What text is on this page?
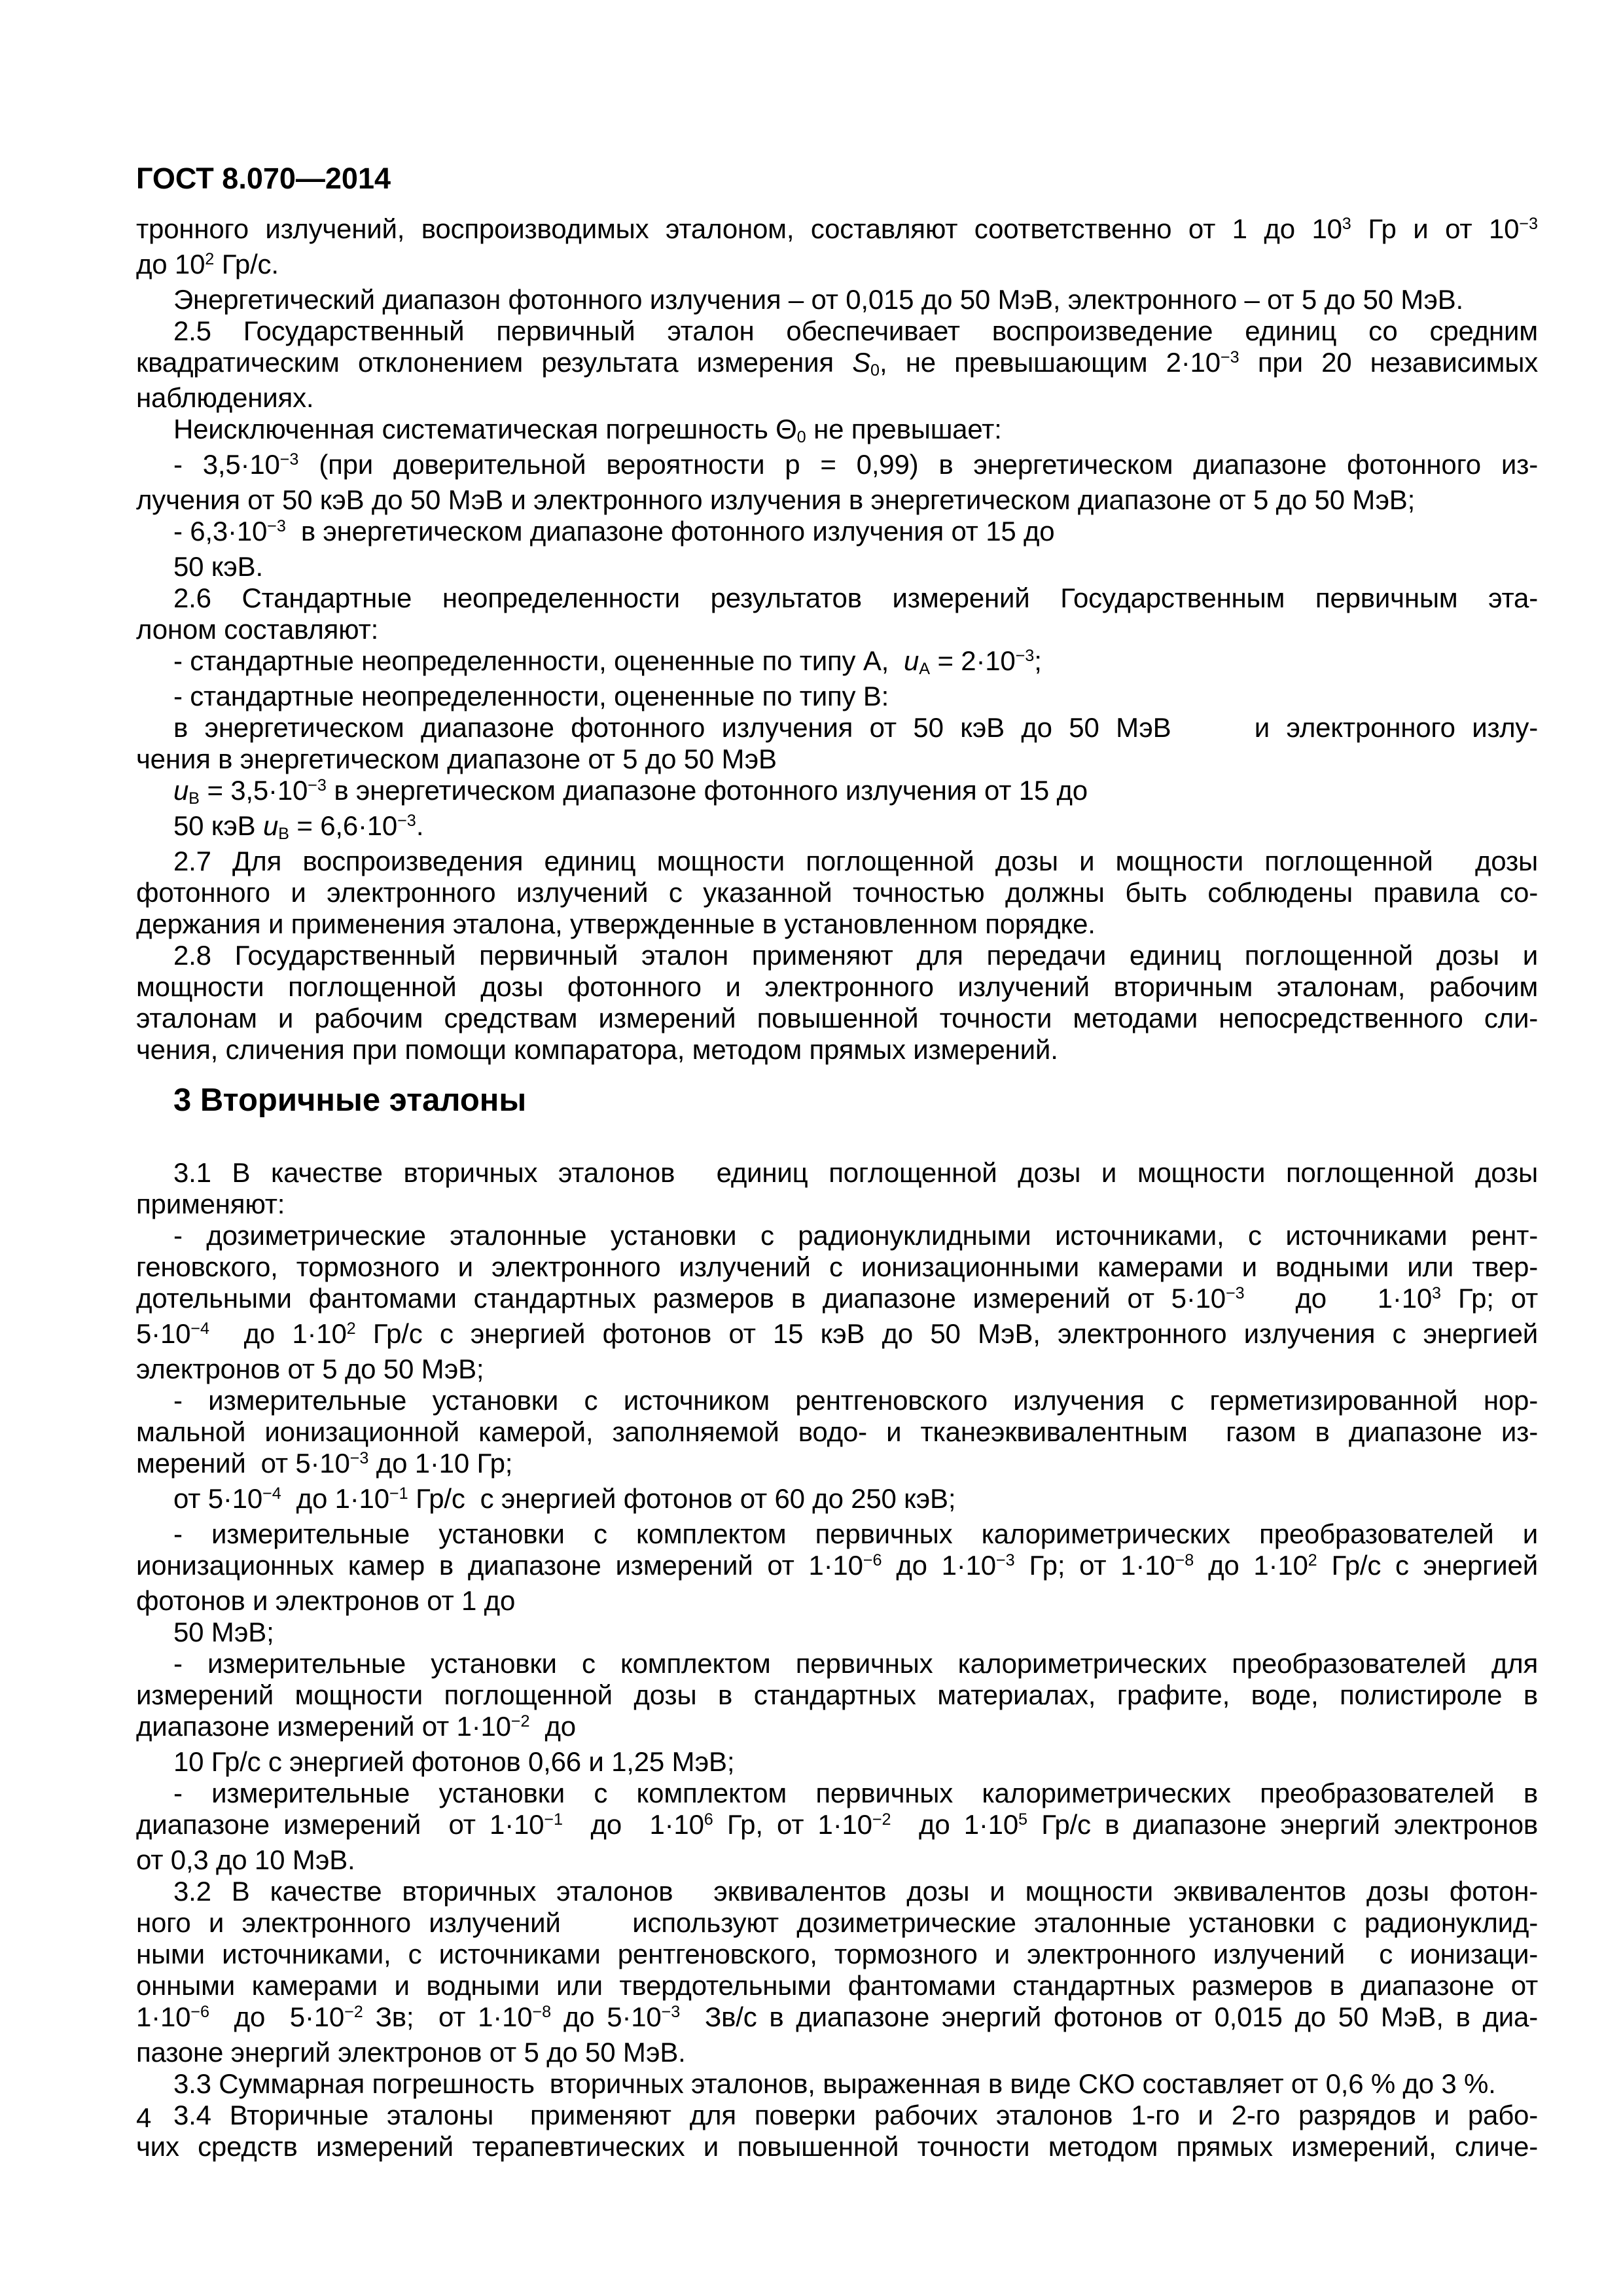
ГОСТ 8.070—2014
тронного излучений, воспроизводимых эталоном, составляют соответственно от 1 до $10^3$ Гр и от $10^{-3}$
до $10^2$ Гр/с.
Энергетический диапазон фотонного излучения – от 0,015 до 50 МэВ, электронного – от 5 до 50 МэВ.
2.5 Государственный первичный эталон обеспечивает воспроизведение единиц со средним
квадратическим отклонением результата измерения $S_0$, не превышающим $2\cdot 10^{-3}$ при 20 независимых
наблюдениях.
Неисключенная систематическая погрешность $\Theta_0$ не превышает:
- $3,5\cdot 10^{-3}$ (при доверительной вероятности р = 0,99) в энергетическом диапазоне фотонного из-
лучения от 50 кэВ до 50 МэВ и электронного излучения в энергетическом диапазоне от 5 до 50 МэВ;
- $6,3\cdot 10^{-3}$  в энергетическом диапазоне фотонного излучения от 15 до
50 кэВ.
2.6 Стандартные неопределенности результатов измерений Государственным первичным эта-
лоном составляют:
- стандартные неопределенности, оцененные по типу А,  $u_А = 2\cdot 10^{-3}$;
- стандартные неопределенности, оцененные по типу В:
в энергетическом диапазоне фотонного излучения от 50 кэВ до 50 МэВ     и электронного излу-
чения в энергетическом диапазоне от 5 до 50 МэВ
$u_В = 3,5\cdot 10^{-3}$ в энергетическом диапазоне фотонного излучения от 15 до
50 кэВ $u_В = 6,6\cdot 10^{-3}$.
2.7 Для воспроизведения единиц мощности поглощенной дозы и мощности поглощенной  дозы
фотонного и электронного излучений с указанной точностью должны быть соблюдены правила со-
держания и применения эталона, утвержденные в установленном порядке.
2.8 Государственный первичный эталон применяют для передачи единиц поглощенной дозы и
мощности поглощенной дозы фотонного и электронного излучений вторичным эталонам, рабочим
эталонам и рабочим средствам измерений повышенной точности методами непосредственного сли-
чения, сличения при помощи компаратора, методом прямых измерений.
3 Вторичные эталоны
3.1 В качестве вторичных эталонов  единиц поглощенной дозы и мощности поглощенной дозы
применяют:
- дозиметрические эталонные установки с радионуклидными источниками, с источниками рент-
геновского, тормозного и электронного излучений с ионизационными камерами и водными или твер-
дотельными фантомами стандартных размеров в диапазоне измерений от $5\cdot 10^{-3}$   до   $1\cdot 10^3$ Гр; от
$5\cdot 10^{-4}$  до $1\cdot 10^2$ Гр/с с энергией фотонов от 15 кэВ до 50 МэВ, электронного излучения с энергией
электронов от 5 до 50 МэВ;
- измерительные установки с источником рентгеновского излучения с герметизированной нор-
мальной ионизационной камерой, заполняемой водо- и тканеэквивалентным  газом в диапазоне из-
мерений  от $5\cdot 10^{-3}$ до 1·10 Гр;
от $5\cdot 10^{-4}$  до $1\cdot 10^{-1}$ Гр/с  с энергией фотонов от 60 до 250 кэВ;
- измерительные установки с комплектом первичных калориметрических преобразователей и
ионизационных камер в диапазоне измерений от $1\cdot 10^{-6}$ до $1\cdot 10^{-3}$ Гр; от $1\cdot 10^{-8}$ до $1\cdot 10^2$ Гр/с с энергией
фотонов и электронов от 1 до
50 МэВ;
- измерительные установки с комплектом первичных калориметрических преобразователей для
измерений мощности поглощенной дозы в стандартных материалах, графите, воде, полистироле в
диапазоне измерений от $1\cdot 10^{-2}$  до
10 Гр/с с энергией фотонов 0,66 и 1,25 МэВ;
- измерительные установки с комплектом первичных калориметрических преобразователей в
диапазоне измерений  от $1\cdot 10^{-1}$  до  $1\cdot 10^6$ Гр, от $1\cdot 10^{-2}$  до $1\cdot 10^5$ Гр/с в диапазоне энергий электронов
от 0,3 до 10 МэВ.
3.2 В качестве вторичных эталонов  эквивалентов дозы и мощности эквивалентов дозы фотон-
ного и электронного излучений    используют дозиметрические эталонные установки с радионуклид-
ными источниками, с источниками рентгеновского, тормозного и электронного излучений  с ионизаци-
онными камерами и водными или твердотельными фантомами стандартных размеров в диапазоне от
$1\cdot 10^{-6}$  до  $5\cdot 10^{-2}$ Зв;  от $1\cdot 10^{-8}$ до $5\cdot 10^{-3}$  Зв/с в диапазоне энергий фотонов от 0,015 до 50 МэВ, в диа-
пазоне энергий электронов от 5 до 50 МэВ.
3.3 Суммарная погрешность  вторичных эталонов, выраженная в виде СКО составляет от 0,6 % до 3 %.
3.4 Вторичные эталоны  применяют для поверки рабочих эталонов 1-го и 2-го разрядов и рабо-
чих средств измерений терапевтических и повышенной точности методом прямых измерений, сличе-
4
